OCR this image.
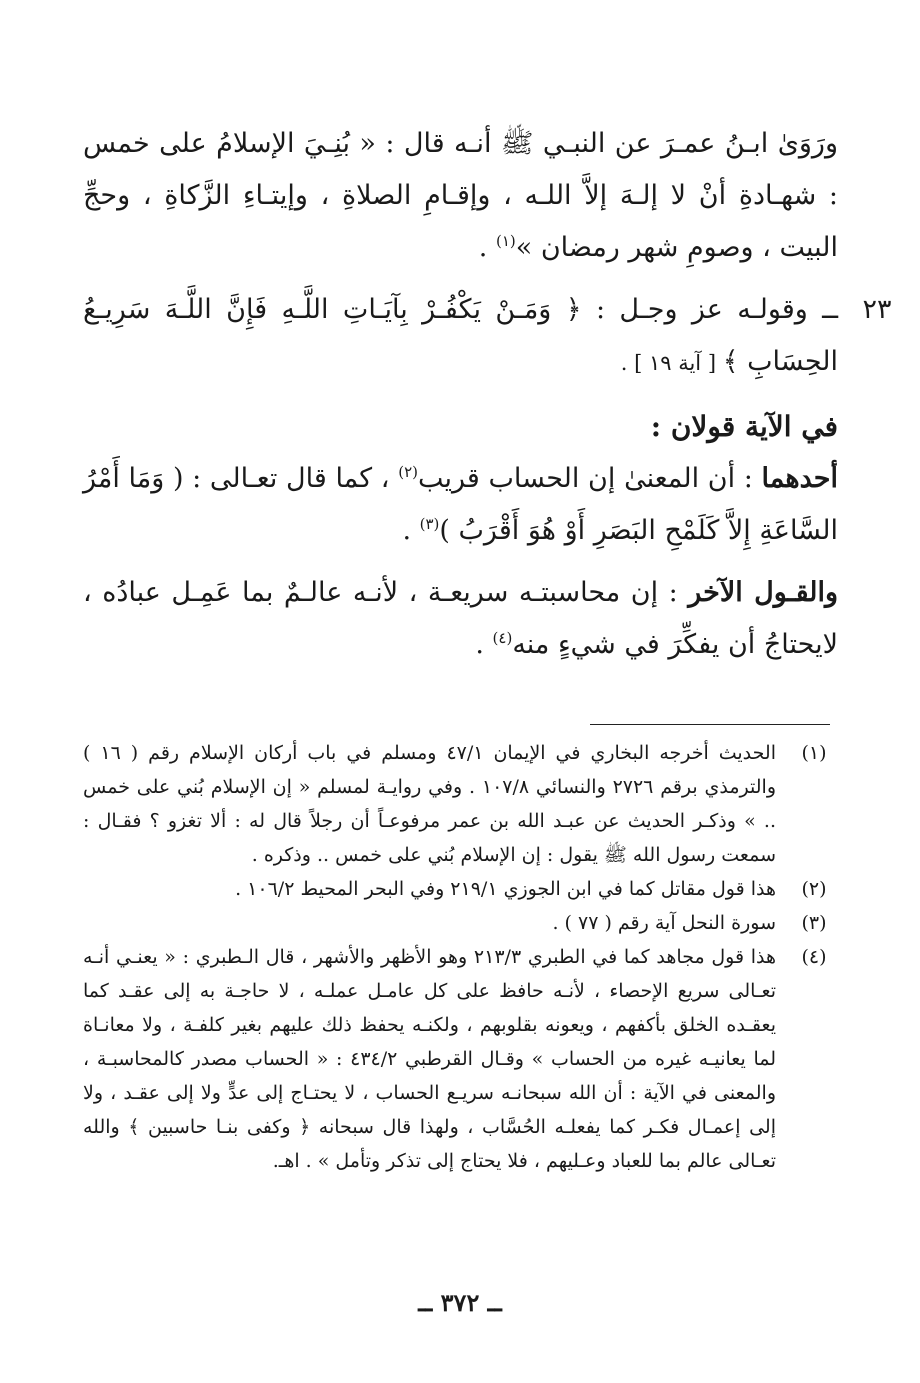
ورَوَىٰ ابـنُ عمـرَ عن النبـي ﷺ أنـه قال : « بُنِـيَ الإسلامُ على خمس : شهـادةِ أنْ لا إلـهَ إلاَّ اللـه ، وإقـامِ الصلاةِ ، وإيتـاءِ الزَّكاةِ ، وحجِّ البيت ، وصومِ شهر رمضان »$^{(١)}$ .

٢٣
ــ وقولـه عز وجـل : ﴿ وَمَـنْ يَكْفُـرْ بِآيَـاتِ اللَّـهِ فَإِنَّ اللَّـهَ سَرِيـعُ الحِسَابِ ﴾ [ آية ١٩ ] .

في الآية قولان :

أحدهما : أن المعنىٰ إن الحساب قريب$^{(٢)}$ ، كما قال تعـالى : ( وَمَا أَمْرُ السَّاعَةِ إِلاَّ كَلَمْحِ البَصَرِ أَوْ هُوَ أَقْرَبُ )$^{(٣)}$ .

والقـول الآخر : إن محاسبتـه سريعـة ، لأنـه عالـمٌ بما عَمِـل عبادُه ، لايحتاجُ أن يفكِّرَ في شيءٍ منه$^{(٤)}$ .

(١)
الحديث أخرجه البخاري في الإيمان ٤٧/١ ومسلم في باب أركان الإسلام رقم ( ١٦ ) والترمذي برقم ٢٧٢٦ والنسائي ١٠٧/٨ . وفي روايـة لمسلم « إن الإسلام بُني على خمس .. » وذكـر الحديث عن عبـد الله بن عمر مرفوعـاً أن رجلاً قال له : ألا تغزو ؟ فقـال : سمعت رسول الله ﷺ يقول : إن الإسلام بُني على خمس .. وذكره .
(٢)
هذا قول مقاتل كما في ابن الجوزي ٢١٩/١ وفي البحر المحيط ١٠٦/٢ .
(٣)
سورة النحل آية رقم ( ٧٧ ) .
(٤)
هذا قول مجاهد كما في الطبري ٢١٣/٣ وهو الأظهر والأشهر ، قال الـطبري : « يعنـي أنـه تعـالى سريع الإحصاء ، لأنـه حافظ على كل عامـل عملـه ، لا حاجـة به إلى عقـد كما يعقـده الخلق بأكفهم ، ويعونه بقلوبهم ، ولكنـه يحفظ ذلك عليهم بغير كلفـة ، ولا معانـاة لما يعانيـه غيره من الحساب » وقـال القرطبي ٤٣٤/٢ : « الحساب مصدر كالمحاسبـة ، والمعنى في الآية : أن الله سبحانـه سريـع الحساب ، لا يحتـاج إلى عدٍّ ولا إلى عقـد ، ولا إلى إعمـال فكـر كما يفعلـه الحُسَّاب ، ولهذا قال سبحانه ﴿ وكفى بنـا حاسبين ﴾ والله تعـالى عالم بما للعباد وعـليهم ، فلا يحتاج إلى تذكر وتأمل » . اهـ.
ــ ٣٧٢ ــ
